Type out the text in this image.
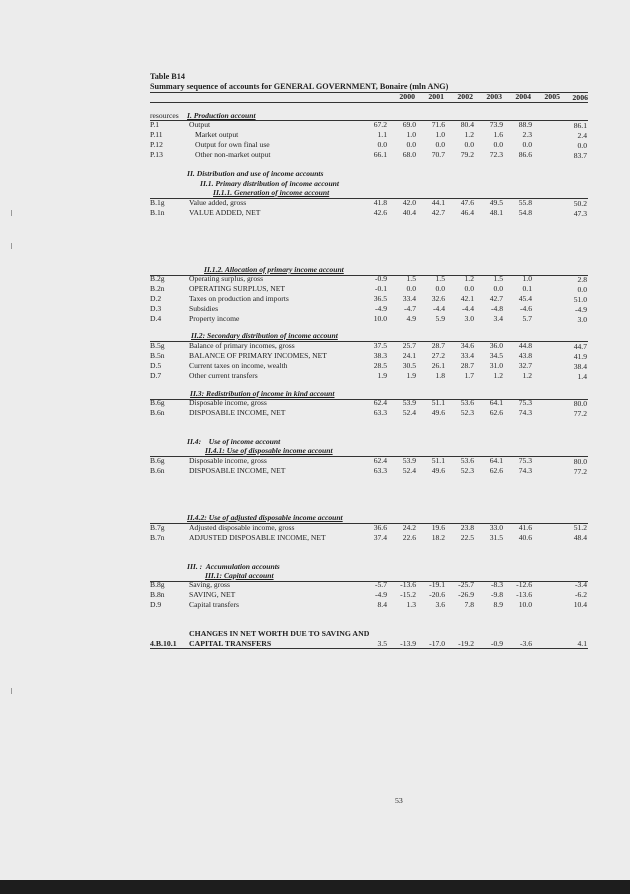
Table B14
Summary sequence of accounts for GENERAL GOVERNMENT, Bonaire (mln ANG)
2000	2001	2002	2003	2004	2005	2006
resources I. Production account
P.1	Output	67.2	69.0	71.6	80.4	73.9	88.9	86.1
P.11	Market output	1.1	1.0	1.0	1.2	1.6	2.3	2.4
P.12	Output for own final use	0.0	0.0	0.0	0.0	0.0	0.0	0.0
P.13	Other non-market output	66.1	68.0	70.7	79.2	72.3	86.6	83.7
II. Distribution and use of income accounts
II.1. Primary distribution of income account
II.1.1. Generation of income account
B.1g	Value added, gross	41.8	42.0	44.1	47.6	49.5	55.8	50.2
B.1n	VALUE ADDED, NET	42.6	40.4	42.7	46.4	48.1	54.8	47.3
II.1.2. Allocation of primary income account
B.2g	Operating surplus, gross	-0.9	1.5	1.5	1.2	1.5	1.0	2.8
B.2n	OPERATING SURPLUS, NET	-0.1	0.0	0.0	0.0	0.0	0.1	0.0
D.2	Taxes on production and imports	36.5	33.4	32.6	42.1	42.7	45.4	51.0
D.3	Subsidies	-4.9	-4.7	-4.4	-4.4	-4.8	-4.6	-4.9
D.4	Property income	10.0	4.9	5.9	3.0	3.4	5.7	3.0
II.2: Secondary distribution of income account
B.5g	Balance of primary incomes, gross	37.5	25.7	28.7	34.6	36.0	44.8	44.7
B.5n	BALANCE OF PRIMARY INCOMES, NET	38.3	24.1	27.2	33.4	34.5	43.8	41.9
D.5	Current taxes on income, wealth	28.5	30.5	26.1	28.7	31.0	32.7	38.4
D.7	Other current transfers	1.9	1.9	1.8	1.7	1.2	1.2	1.4
II.3: Redistribution of income in kind account
B.6g	Disposable income, gross	62.4	53.9	51.1	53.6	64.1	75.3	80.0
B.6n	DISPOSABLE INCOME, NET	63.3	52.4	49.6	52.3	62.6	74.3	77.2
II.4:    Use of income account
II.4.1: Use of disposable income account
B.6g	Disposable income, gross	62.4	53.9	51.1	53.6	64.1	75.3	80.0
B.6n	DISPOSABLE INCOME, NET	63.3	52.4	49.6	52.3	62.6	74.3	77.2
II.4.2: Use of adjusted disposable income account
B.7g	Adjusted disposable income, gross	36.6	24.2	19.6	23.8	33.0	41.6	51.2
B.7n	ADJUSTED DISPOSABLE INCOME, NET	37.4	22.6	18.2	22.5	31.5	40.6	48.4
III. :  Accumulation accounts
III.1: Capital account
B.8g	Saving, gross	-5.7	-13.6	-19.1	-25.7	-8.3	-12.6	-3.4
B.8n	SAVING, NET	-4.9	-15.2	-20.6	-26.9	-9.8	-13.6	-6.2
D.9	Capital transfers	8.4	1.3	3.6	7.8	8.9	10.0	10.4
CHANGES IN NET WORTH DUE TO SAVING AND
4.B.10.1 CAPITAL TRANSFERS	3.5	-13.9	-17.0	-19.2	-0.9	-3.6	4.1
53
